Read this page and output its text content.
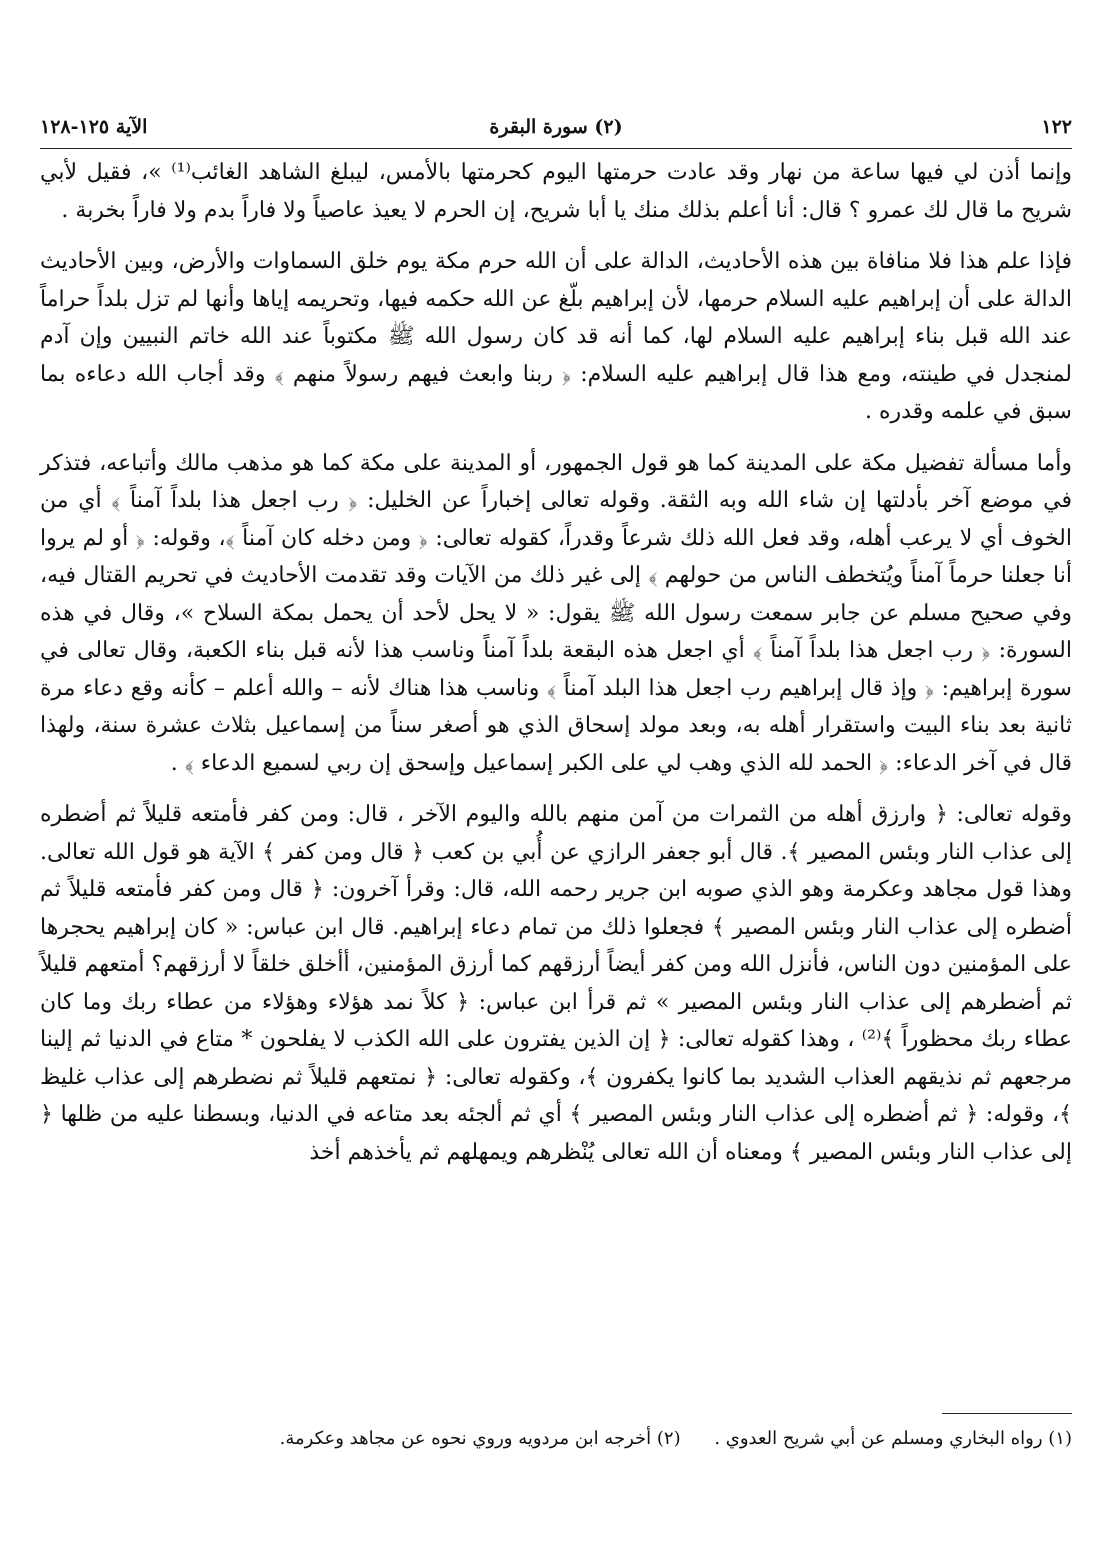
١٢٢
(٢) سورة البقرة
الآية ١٢٥-١٢٨

وإنما أذن لي فيها ساعة من نهار وقد عادت حرمتها اليوم كحرمتها بالأمس، ليبلغ الشاهد الغائب⁽¹⁾ »، فقيل لأبي شريح ما قال لك عمرو ؟ قال: أنا أعلم بذلك منك يا أبا شريح، إن الحرم لا يعيذ عاصياً ولا فاراً بدم ولا فاراً بخربة .

فإذا علم هذا فلا منافاة بين هذه الأحاديث، الدالة على أن الله حرم مكة يوم خلق السماوات والأرض، وبين الأحاديث الدالة على أن إبراهيم عليه السلام حرمها، لأن إبراهيم بلّغ عن الله حكمه فيها، وتحريمه إياها وأنها لم تزل بلداً حراماً عند الله قبل بناء إبراهيم عليه السلام لها، كما أنه قد كان رسول الله ﷺ مكتوباً عند الله خاتم النبيين وإن آدم لمنجدل في طينته، ومع هذا قال إبراهيم عليه السلام: ﴿ ربنا وابعث فيهم رسولاً منهم ﴾ وقد أجاب الله دعاءه بما سبق في علمه وقدره .

وأما مسألة تفضيل مكة على المدينة كما هو قول الجمهور، أو المدينة على مكة كما هو مذهب مالك وأتباعه، فتذكر في موضع آخر بأدلتها إن شاء الله وبه الثقة. وقوله تعالى إخباراً عن الخليل: ﴿ رب اجعل هذا بلداً آمناً ﴾ أي من الخوف أي لا يرعب أهله، وقد فعل الله ذلك شرعاً وقدراً، كقوله تعالى: ﴿ ومن دخله كان آمناً ﴾، وقوله: ﴿ أو لم يروا أنا جعلنا حرماً آمناً ويُتخطف الناس من حولهم ﴾ إلى غير ذلك من الآيات وقد تقدمت الأحاديث في تحريم القتال فيه، وفي صحيح مسلم عن جابر سمعت رسول الله ﷺ يقول: « لا يحل لأحد أن يحمل بمكة السلاح »، وقال في هذه السورة: ﴿ رب اجعل هذا بلداً آمناً ﴾ أي اجعل هذه البقعة بلداً آمناً وناسب هذا لأنه قبل بناء الكعبة، وقال تعالى في سورة إبراهيم: ﴿ وإذ قال إبراهيم رب اجعل هذا البلد آمناً ﴾ وناسب هذا هناك لأنه – والله أعلم – كأنه وقع دعاء مرة ثانية بعد بناء البيت واستقرار أهله به، وبعد مولد إسحاق الذي هو أصغر سناً من إسماعيل بثلاث عشرة سنة، ولهذا قال في آخر الدعاء: ﴿ الحمد لله الذي وهب لي على الكبر إسماعيل وإسحق إن ربي لسميع الدعاء ﴾ .

وقوله تعالى: ﴿ وارزق أهله من الثمرات من آمن منهم بالله واليوم الآخر ، قال: ومن كفر فأمتعه قليلاً ثم أضطره إلى عذاب النار وبئس المصير ﴾. قال أبو جعفر الرازي عن أُبي بن كعب ﴿ قال ومن كفر ﴾ الآية هو قول الله تعالى. وهذا قول مجاهد وعكرمة وهو الذي صوبه ابن جرير رحمه الله، قال: وقرأ آخرون: ﴿ قال ومن كفر فأمتعه قليلاً ثم أضطره إلى عذاب النار وبئس المصير ﴾ فجعلوا ذلك من تمام دعاء إبراهيم. قال ابن عباس: « كان إبراهيم يحجرها على المؤمنين دون الناس، فأنزل الله ومن كفر أيضاً أرزقهم كما أرزق المؤمنين، أأخلق خلقاً لا أرزقهم؟ أمتعهم قليلاً ثم أضطرهم إلى عذاب النار وبئس المصير » ثم قرأ ابن عباس: ﴿ كلاً نمد هؤلاء وهؤلاء من عطاء ربك وما كان عطاء ربك محظوراً ﴾⁽²⁾ ، وهذا كقوله تعالى: ﴿ إن الذين يفترون على الله الكذب لا يفلحون * متاع في الدنيا ثم إلينا مرجعهم ثم نذيقهم العذاب الشديد بما كانوا يكفرون ﴾، وكقوله تعالى: ﴿ نمتعهم قليلاً ثم نضطرهم إلى عذاب غليظ ﴾، وقوله: ﴿ ثم أضطره إلى عذاب النار وبئس المصير ﴾ أي ثم ألجئه بعد متاعه في الدنيا، وبسطنا عليه من ظلها ﴿ إلى عذاب النار وبئس المصير ﴾ ومعناه أن الله تعالى يُنْظرهم ويمهلهم ثم يأخذهم أخذ

(١) رواه البخاري ومسلم عن أبي شريح العدوي . (٢) أخرجه ابن مردويه وروي نحوه عن مجاهد وعكرمة.
